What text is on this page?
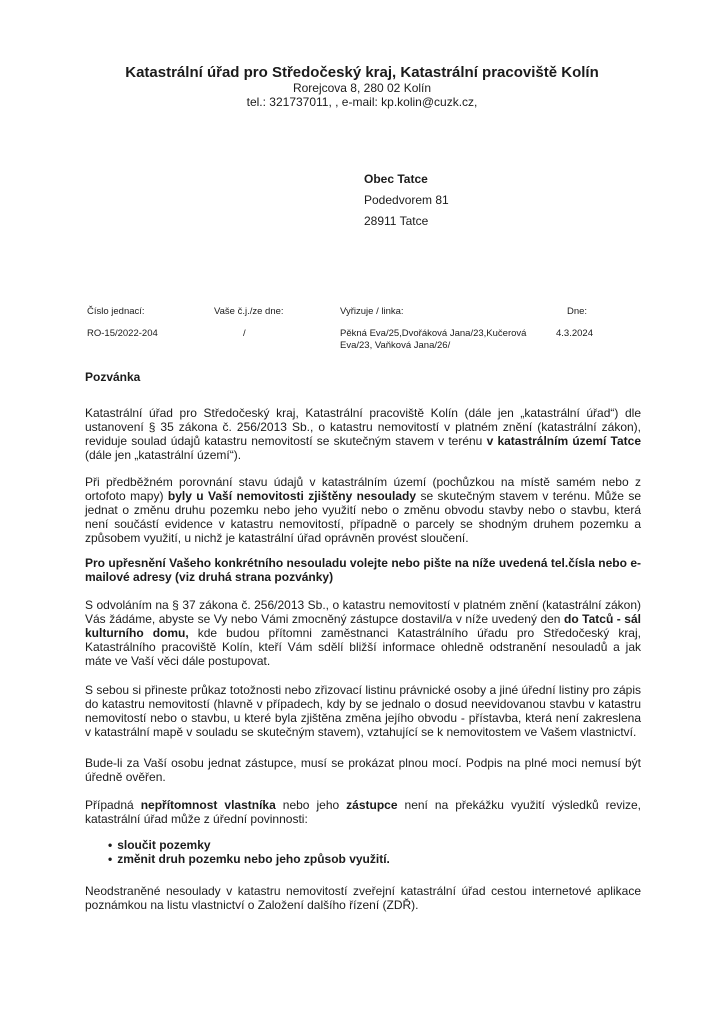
Katastrální úřad pro Středočeský kraj, Katastrální pracoviště Kolín
Rorejcova 8, 280 02 Kolín
tel.: 321737011, , e-mail: kp.kolin@cuzk.cz,
Obec Tatce
Podedvorem 81
28911 Tatce
Číslo jednací:
RO-15/2022-204
Vaše č.j./ze dne:
/
Vyřizuje / linka:
Pěkná Eva/25,Dvořáková Jana/23,Kučerová Eva/23, Vaňková Jana/26/
Dne:
4.3.2024
Pozvánka

Katastrální úřad pro Středočeský kraj, Katastrální pracoviště Kolín (dále jen „katastrální úřad“) dle ustanovení § 35 zákona č. 256/2013 Sb., o katastru nemovitostí v platném znění (katastrální zákon), reviduje soulad údajů katastru nemovitostí se skutečným stavem v terénu v katastrálním území Tatce (dále jen „katastrální území“).

Při předběžném porovnání stavu údajů v katastrálním území (pochůzkou na místě samém nebo z ortofoto mapy) byly u Vaší nemovitosti zjištěny nesoulady se skutečným stavem v terénu. Může se jednat o změnu druhu pozemku nebo jeho využití nebo o změnu obvodu stavby nebo o stavbu, která není součástí evidence v katastru nemovitostí, případně o parcely se shodným druhem pozemku a způsobem využití, u nichž je katastrální úřad oprávněn provést sloučení.

Pro upřesnění Vašeho konkrétního nesouladu volejte nebo pište na níže uvedená tel.čísla nebo e-mailové adresy (viz druhá strana pozvánky)

S odvoláním na § 37 zákona č. 256/2013 Sb., o katastru nemovitostí v platném znění (katastrální zákon) Vás žádáme, abyste se Vy nebo Vámi zmocněný zástupce dostavil/a v níže uvedený den do Tatců - sál kulturního domu, kde budou přítomni zaměstnanci Katastrálního úřadu pro Středočeský kraj, Katastrálního pracoviště Kolín, kteří Vám sdělí bližší informace ohledně odstranění nesouladů a jak máte ve Vaší věci dále postupovat.

S sebou si přineste průkaz totožnosti nebo zřizovací listinu právnické osoby a jiné úřední listiny pro zápis do katastru nemovitostí (hlavně v případech, kdy by se jednalo o dosud neevidovanou stavbu v katastru nemovitostí nebo o stavbu, u které byla zjištěna změna jejího obvodu - přístavba, která není zakreslena v katastrální mapě v souladu se skutečným stavem), vztahující se k nemovitostem ve Vašem vlastnictví.

Bude-li za Vaší osobu jednat zástupce, musí se prokázat plnou mocí. Podpis na plné moci nemusí být úředně ověřen.

Případná nepřítomnost vlastníka nebo jeho zástupce není na překážku využití výsledků revize, katastrální úřad může z úřední povinnosti:

• sloučit pozemky
• změnit druh pozemku nebo jeho způsob využití.

Neodstraněné nesoulady v katastru nemovitostí zveřejní katastrální úřad cestou internetové aplikace poznámkou na listu vlastnictví o Založení dalšího řízení (ZDŘ).
